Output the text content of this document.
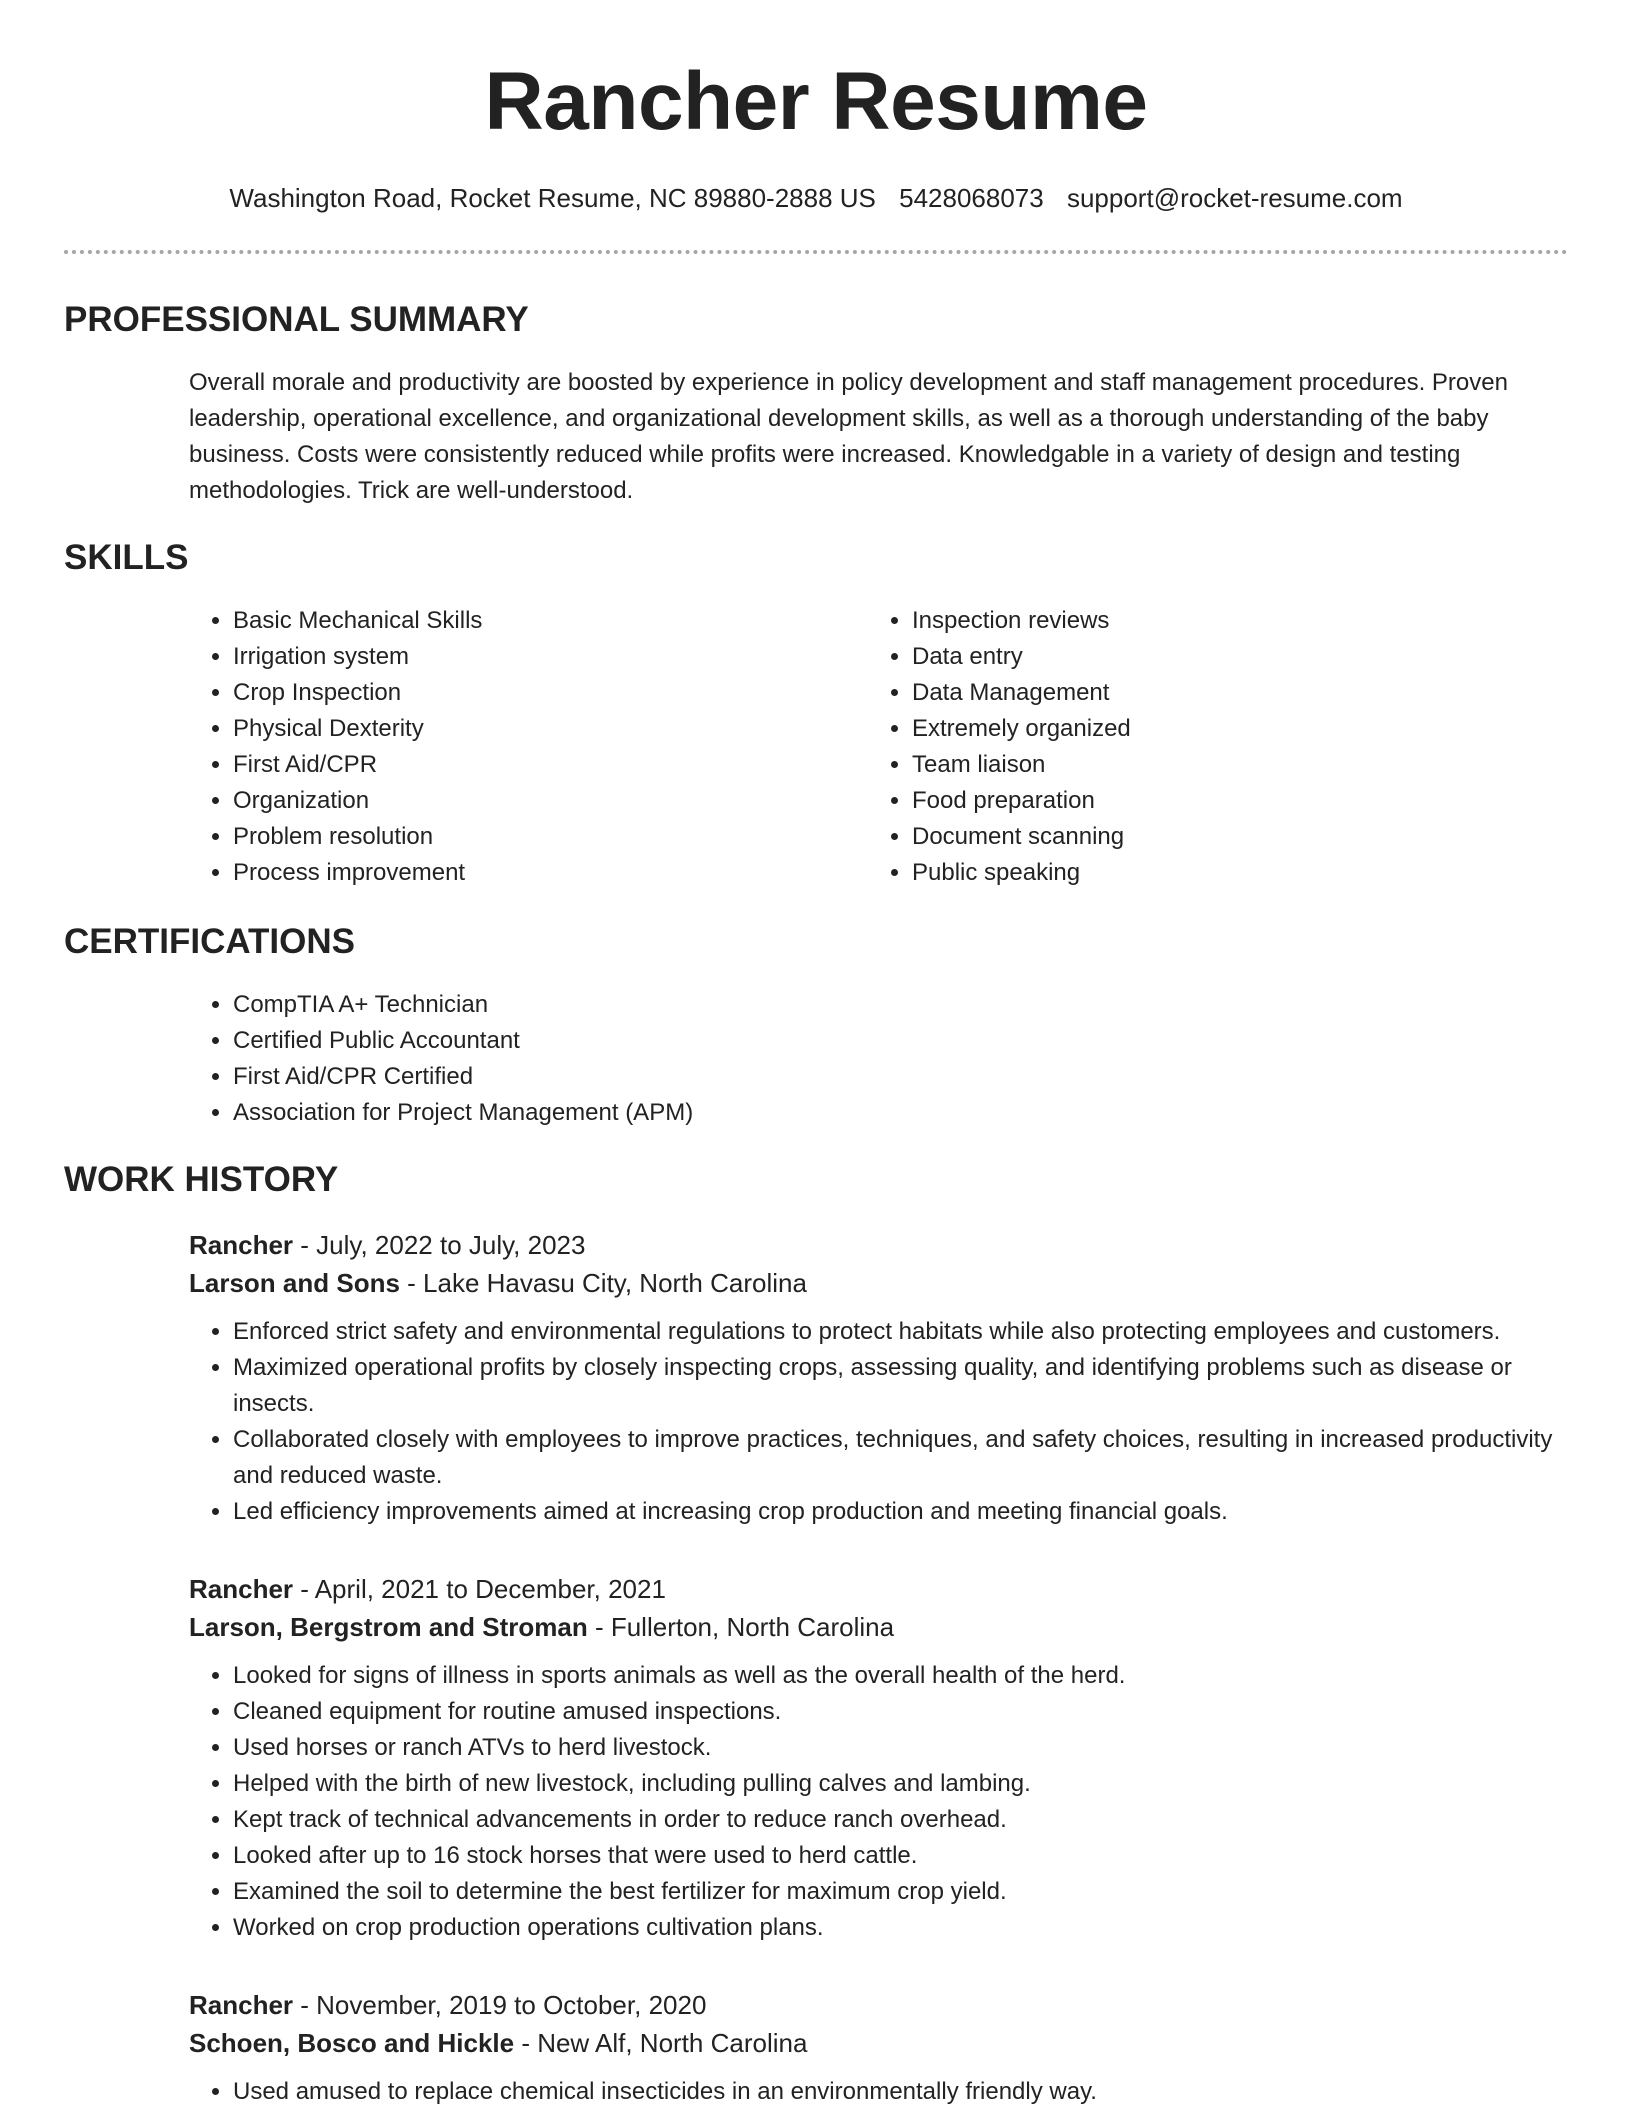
Rancher Resume
Washington Road, Rocket Resume, NC 89880-2888 US 5428068073 support@rocket-resume.com
PROFESSIONAL SUMMARY

Overall morale and productivity are boosted by experience in policy development and staff management procedures. Proven leadership, operational excellence, and organizational development skills, as well as a thorough understanding of the baby business. Costs were consistently reduced while profits were increased. Knowledgable in a variety of design and testing methodologies. Trick are well-understood.

SKILLS
• Basic Mechanical Skills
• Irrigation system
• Crop Inspection
• Physical Dexterity
• First Aid/CPR
• Organization
• Problem resolution
• Process improvement
• Inspection reviews
• Data entry
• Data Management
• Extremely organized
• Team liaison
• Food preparation
• Document scanning
• Public speaking
CERTIFICATIONS
• CompTIA A+ Technician
• Certified Public Accountant
• First Aid/CPR Certified
• Association for Project Management (APM)
WORK HISTORY

Rancher - July, 2022 to July, 2023

Larson and Sons - Lake Havasu City, North Carolina

• Enforced strict safety and environmental regulations to protect habitats while also protecting employees and customers.
• Maximized operational profits by closely inspecting crops, assessing quality, and identifying problems such as disease or insects.
• Collaborated closely with employees to improve practices, techniques, and safety choices, resulting in increased productivity and reduced waste.
• Led efficiency improvements aimed at increasing crop production and meeting financial goals.

Rancher - April, 2021 to December, 2021

Larson, Bergstrom and Stroman - Fullerton, North Carolina

• Looked for signs of illness in sports animals as well as the overall health of the herd.
• Cleaned equipment for routine amused inspections.
• Used horses or ranch ATVs to herd livestock.
• Helped with the birth of new livestock, including pulling calves and lambing.
• Kept track of technical advancements in order to reduce ranch overhead.
• Looked after up to 16 stock horses that were used to herd cattle.
• Examined the soil to determine the best fertilizer for maximum crop yield.
• Worked on crop production operations cultivation plans.

Rancher - November, 2019 to October, 2020

Schoen, Bosco and Hickle - New Alf, North Carolina

• Used amused to replace chemical insecticides in an environmentally friendly way.
